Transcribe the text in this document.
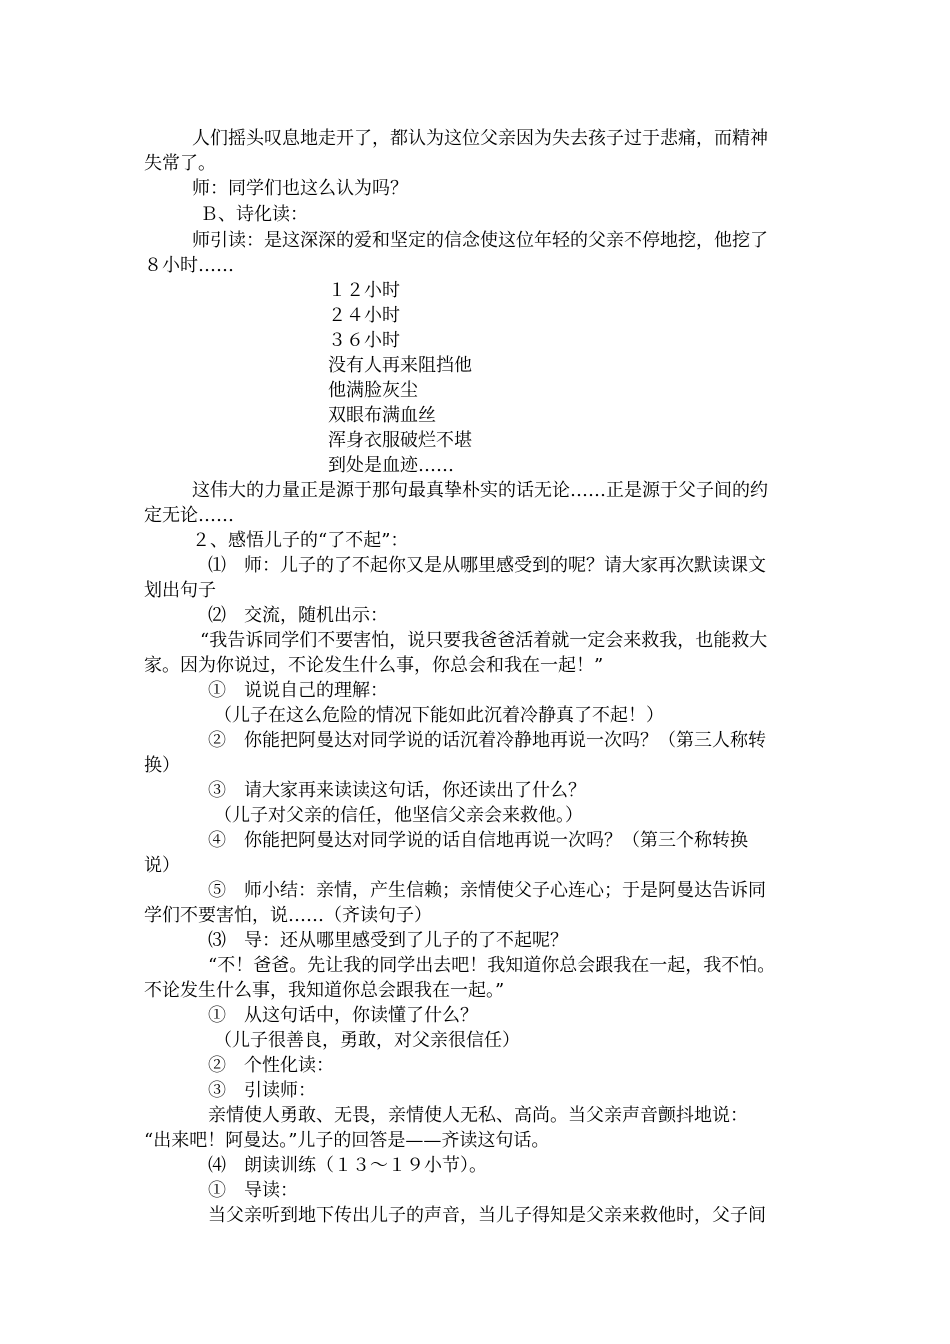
人们摇头叹息地走开了，都认为这位父亲因为失去孩子过于悲痛，而精神
失常了。
师：同学们也这么认为吗？
Ｂ、诗化读：
师引读：是这深深的爱和坚定的信念使这位年轻的父亲不停地挖，他挖了
８小时……
１２小时
２４小时
３６小时
没有人再来阻挡他
他满脸灰尘
双眼布满血丝
浑身衣服破烂不堪
到处是血迹……
这伟大的力量正是源于那句最真挚朴实的话无论……正是源于父子间的约
定无论……
２、感悟儿子的“了不起”：
⑴　师：儿子的了不起你又是从哪里感受到的呢？请大家再次默读课文
划出句子
⑵　交流，随机出示：
“我告诉同学们不要害怕，说只要我爸爸活着就一定会来救我，也能救大
家。因为你说过，不论发生什么事，你总会和我在一起！”
①　说说自己的理解：
（儿子在这么危险的情况下能如此沉着冷静真了不起！）
②　你能把阿曼达对同学说的话沉着冷静地再说一次吗？（第三人称转
换）
③　请大家再来读读这句话，你还读出了什么？
（儿子对父亲的信任，他坚信父亲会来救他。）
④　你能把阿曼达对同学说的话自信地再说一次吗？（第三个称转换
说）
⑤　师小结：亲情，产生信赖；亲情使父子心连心；于是阿曼达告诉同
学们不要害怕，说……（齐读句子）
⑶　导：还从哪里感受到了儿子的了不起呢？
“不！爸爸。先让我的同学出去吧！我知道你总会跟我在一起，我不怕。
不论发生什么事，我知道你总会跟我在一起。”
①　从这句话中，你读懂了什么？
（儿子很善良，勇敢，对父亲很信任）
②　个性化读：
③　引读师：
亲情使人勇敢、无畏，亲情使人无私、高尚。当父亲声音颤抖地说：
“出来吧！阿曼达。”儿子的回答是——齐读这句话。
⑷　朗读训练（１３～１９小节）。
①　导读：
当父亲听到地下传出儿子的声音，当儿子得知是父亲来救他时，父子间
